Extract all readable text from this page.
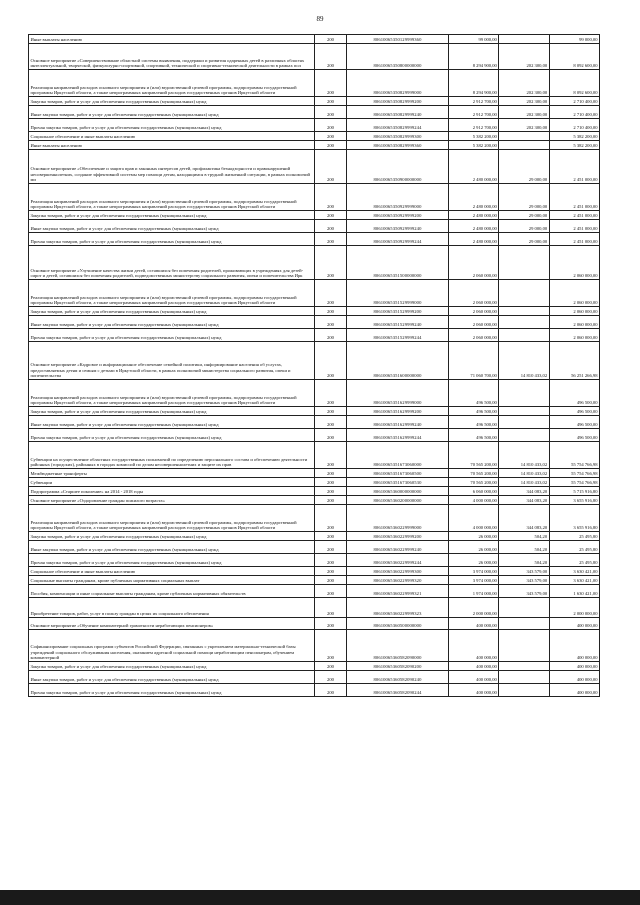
89
Иные выплаты населению	200	80610065350129999360	99 000,00		99 000,00
Основное мероприятие «Совершенствование областной системы выявления, поддержки и развития одаренных детей в различных областях интеллектуальной, творческой, физкультурно-спортивной, спортивной, технической и спортивно-технической деятельности в рамках пол	200	80610065350800000000	8 294 900,00	202 300,00	8 092 600,00
Реализация направлений расходов основного мероприятия и (или) ведомственной целевой программы, подпрограммы государственной программы Иркутской области, а также непрограммных направлений расходов государственных органов Иркутской области	200	80610065350829999000	8 294 900,00	202 300,00	8 092 600,00
Закупка товаров, работ и услуг для обеспечения государственных (муниципальных) нужд	200	80610065350829999200	2 912 700,00	202 300,00	2 710 400,00
Иные закупки товаров, работ и услуг для обеспечения государственных (муниципальных) нужд	200	80610065350829999240	2 912 700,00	202 300,00	2 710 400,00
Прочая закупка товаров, работ и услуг для обеспечения государственных (муниципальных) нужд	200	80610065350829999244	2 912 700,00	202 300,00	2 710 400,00
Социальное обеспечение и иные выплаты населению	200	80610065350829999300	5 382 200,00		5 382 200,00
Иные выплаты населению	200	80610065350829999360	5 382 200,00		5 382 200,00
Основное мероприятие «Обеспечение и защита прав и законных интересов детей, профилактика безнадзорности и правонарушений несовершеннолетних, создание эффективной системы мер помощи детям, находящимся в трудной жизненной ситуации, в рамках полномочий ми	200	80610065350900000000	2 480 000,00	29 000,00	2 451 000,00
Реализация направлений расходов основного мероприятия и (или) ведомственной целевой программы, подпрограммы государственной программы Иркутской области, а также непрограммных направлений расходов государственных органов Иркутской области	200	80610065350929999000	2 480 000,00	29 000,00	2 451 000,00
Закупка товаров, работ и услуг для обеспечения государственных (муниципальных) нужд	200	80610065350929999200	2 480 000,00	29 000,00	2 451 000,00
Иные закупки товаров, работ и услуг для обеспечения государственных (муниципальных) нужд	200	80610065350929999240	2 480 000,00	29 000,00	2 451 000,00
Прочая закупка товаров, работ и услуг для обеспечения государственных (муниципальных) нужд	200	80610065350929999244	2 480 000,00	29 000,00	2 451 000,00
Основное мероприятие «Улучшение качества жизни детей, оставшихся без попечения родителей, проживающих в учреждениях для детей-сирот и детей, оставшихся без попечения родителей, подведомственных министерству социального развития, опеки и попечительства Ирк	200	80610065351500000000	2 060 000,00		2 060 000,00
Реализация направлений расходов основного мероприятия и (или) ведомственной целевой программы, подпрограммы государственной программы Иркутской области, а также непрограммных направлений расходов государственных органов Иркутской области	200	80610065351529999000	2 060 000,00		2 060 000,00
Закупка товаров, работ и услуг для обеспечения государственных (муниципальных) нужд	200	80610065351529999200	2 060 000,00		2 060 000,00
Иные закупки товаров, работ и услуг для обеспечения государственных (муниципальных) нужд	200	80610065351529999240	2 060 000,00		2 060 000,00
Прочая закупка товаров, работ и услуг для обеспечения государственных (муниципальных) нужд	200	80610065351529999244	2 060 000,00		2 060 000,00
Основное мероприятие «Кадровое и информационное обеспечение семейной политики, информирование населения об услугах, предоставляемых детям и семьям с детьми в Иркутской области, в рамках полномочий министерства социального развития, опеки и попечительства	200	80610065351600000000	71 060 700,00	14 810 433,02	56 251 266,98
Реализация направлений расходов основного мероприятия и (или) ведомственной целевой программы, подпрограммы государственной программы Иркутской области, а также непрограммных направлений расходов государственных органов Иркутской области	200	80610065351629999000	496 500,00		496 500,00
Закупка товаров, работ и услуг для обеспечения государственных (муниципальных) нужд	200	80610065351629999200	496 500,00		496 500,00
Иные закупки товаров, работ и услуг для обеспечения государственных (муниципальных) нужд	200	80610065351629999240	496 500,00		496 500,00
Прочая закупка товаров, работ и услуг для обеспечения государственных (муниципальных) нужд	200	80610065351629999244	496 500,00		496 500,00
Субвенции на осуществление областных государственных полномочий по определению персонального состава и обеспечению деятельности районных (городских), районных в городах комиссий по делам несовершеннолетних и защите их прав	200	80610065351673060000	70 565 200,00	14 810 433,02	55 754 766,98
Межбюджетные трансферты	200	80610065351673060500	70 565 200,00	14 810 433,02	55 754 766,98
Субвенции	200	80610065351673060530	70 565 200,00	14 810 433,02	55 754 766,98
Подпрограмма «Старшее поколение» на 2014 - 2018 годы	200	80610065360000000000	6 060 000,00	344 083,20	5 715 916,80
Основное мероприятие «Оздоровление граждан пожилого возраста»	200	80610065360200000000	4 000 000,00	344 083,20	3 655 916,80
Реализация направлений расходов основного мероприятия и (или) ведомственной целевой программы, подпрограммы государственной программы Иркутской области, а также непрограммных направлений расходов государственных органов Иркутской области	200	80610065360229999000	4 000 000,00	344 083,20	3 655 916,80
Закупка товаров, работ и услуг для обеспечения государственных (муниципальных) нужд	200	80610065360229999200	26 000,00	504,20	25 495,80
Иные закупки товаров, работ и услуг для обеспечения государственных (муниципальных) нужд	200	80610065360229999240	26 000,00	504,20	25 495,80
Прочая закупка товаров, работ и услуг для обеспечения государственных (муниципальных) нужд	200	80610065360229999244	26 000,00	504,20	25 495,80
Социальное обеспечение и иные выплаты населению	200	80610065360229999300	3 974 000,00	343 579,00	3 630 421,00
Социальные выплаты гражданам, кроме публичных нормативных социальных выплат	200	80610065360229999320	3 974 000,00	343 579,00	3 630 421,00
Пособия, компенсации и иные социальные выплаты гражданам, кроме публичных нормативных обязательств	200	80610065360229999321	1 974 000,00	343 579,00	1 630 421,00
Приобретение товаров, работ, услуг в пользу граждан в целях их социального обеспечения	200	80610065360229999323	2 000 000,00		2 000 000,00
Основное мероприятие «Обучение компьютерной грамотности неработающих пенсионеров»	200	80610065360500000000	400 000,00		400 000,00
Софинансирование социальных программ субъектов Российской Федерации, связанных с укреплением материально-технической базы учреждений социального обслуживания населения, оказанием адресной социальной помощи неработающим пенсионерам, обучением компьютерной	200	80610065360582090000	400 000,00		400 000,00
Закупка товаров, работ и услуг для обеспечения государственных (муниципальных) нужд	200	80610065360582090200	400 000,00		400 000,00
Иные закупки товаров, работ и услуг для обеспечения государственных (муниципальных) нужд	200	80610065360582090240	400 000,00		400 000,00
Прочая закупка товаров, работ и услуг для обеспечения государственных (муниципальных) нужд	200	80610065360582090244	400 000,00		400 000,00
